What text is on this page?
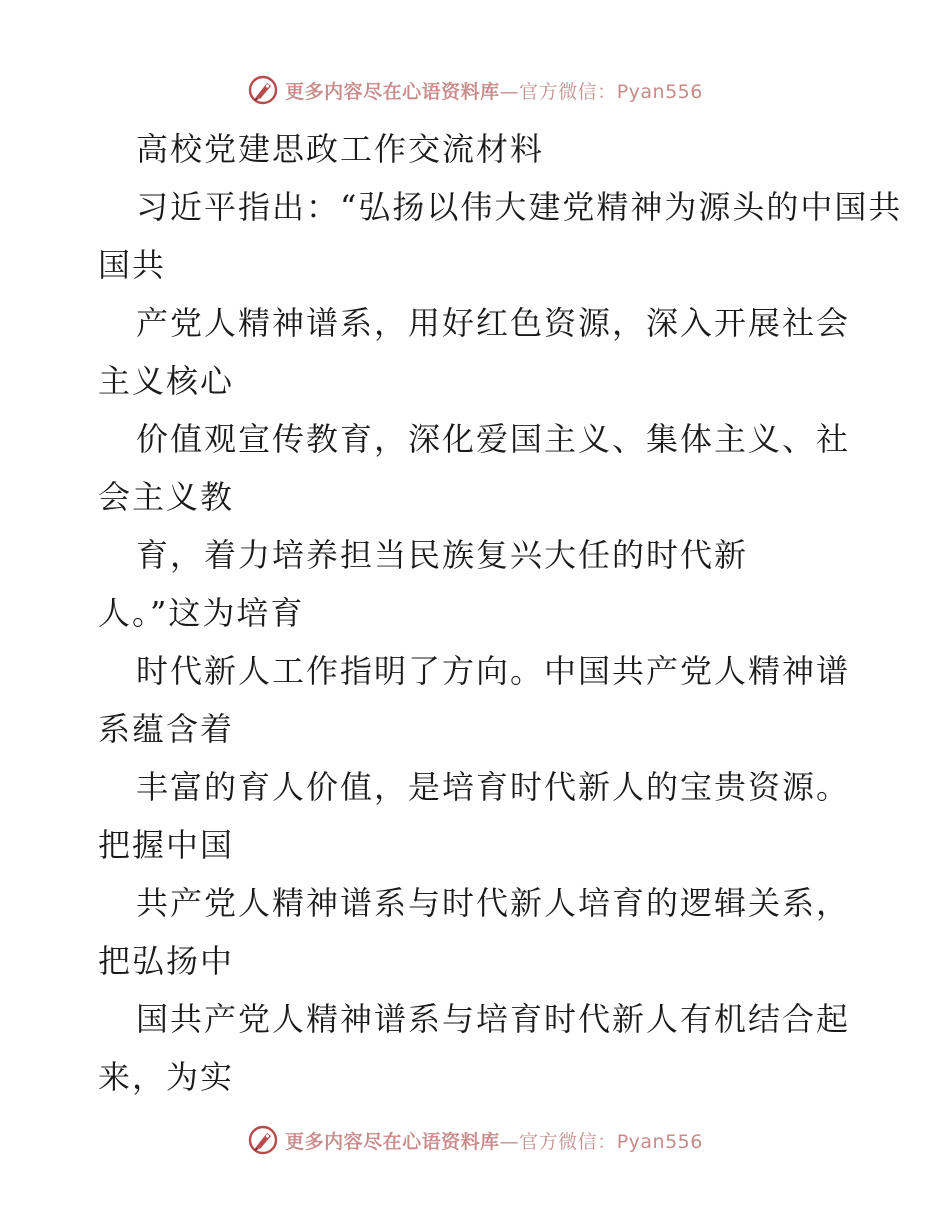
更多内容尽在心语资料库—官方微信：Pyan556
高校党建思政工作交流材料
习近平指出：“弘扬以伟大建党精神为源头的中国共
国共
产党人精神谱系，用好红色资源，深入开展社会
主义核心
价值观宣传教育，深化爱国主义、集体主义、社
会主义教
育，着力培养担当民族复兴大任的时代新
人。”这为培育
时代新人工作指明了方向。中国共产党人精神谱
系蕴含着
丰富的育人价值，是培育时代新人的宝贵资源。
把握中国
共产党人精神谱系与时代新人培育的逻辑关系，
把弘扬中
国共产党人精神谱系与培育时代新人有机结合起
来，为实
更多内容尽在心语资料库—官方微信：Pyan556
